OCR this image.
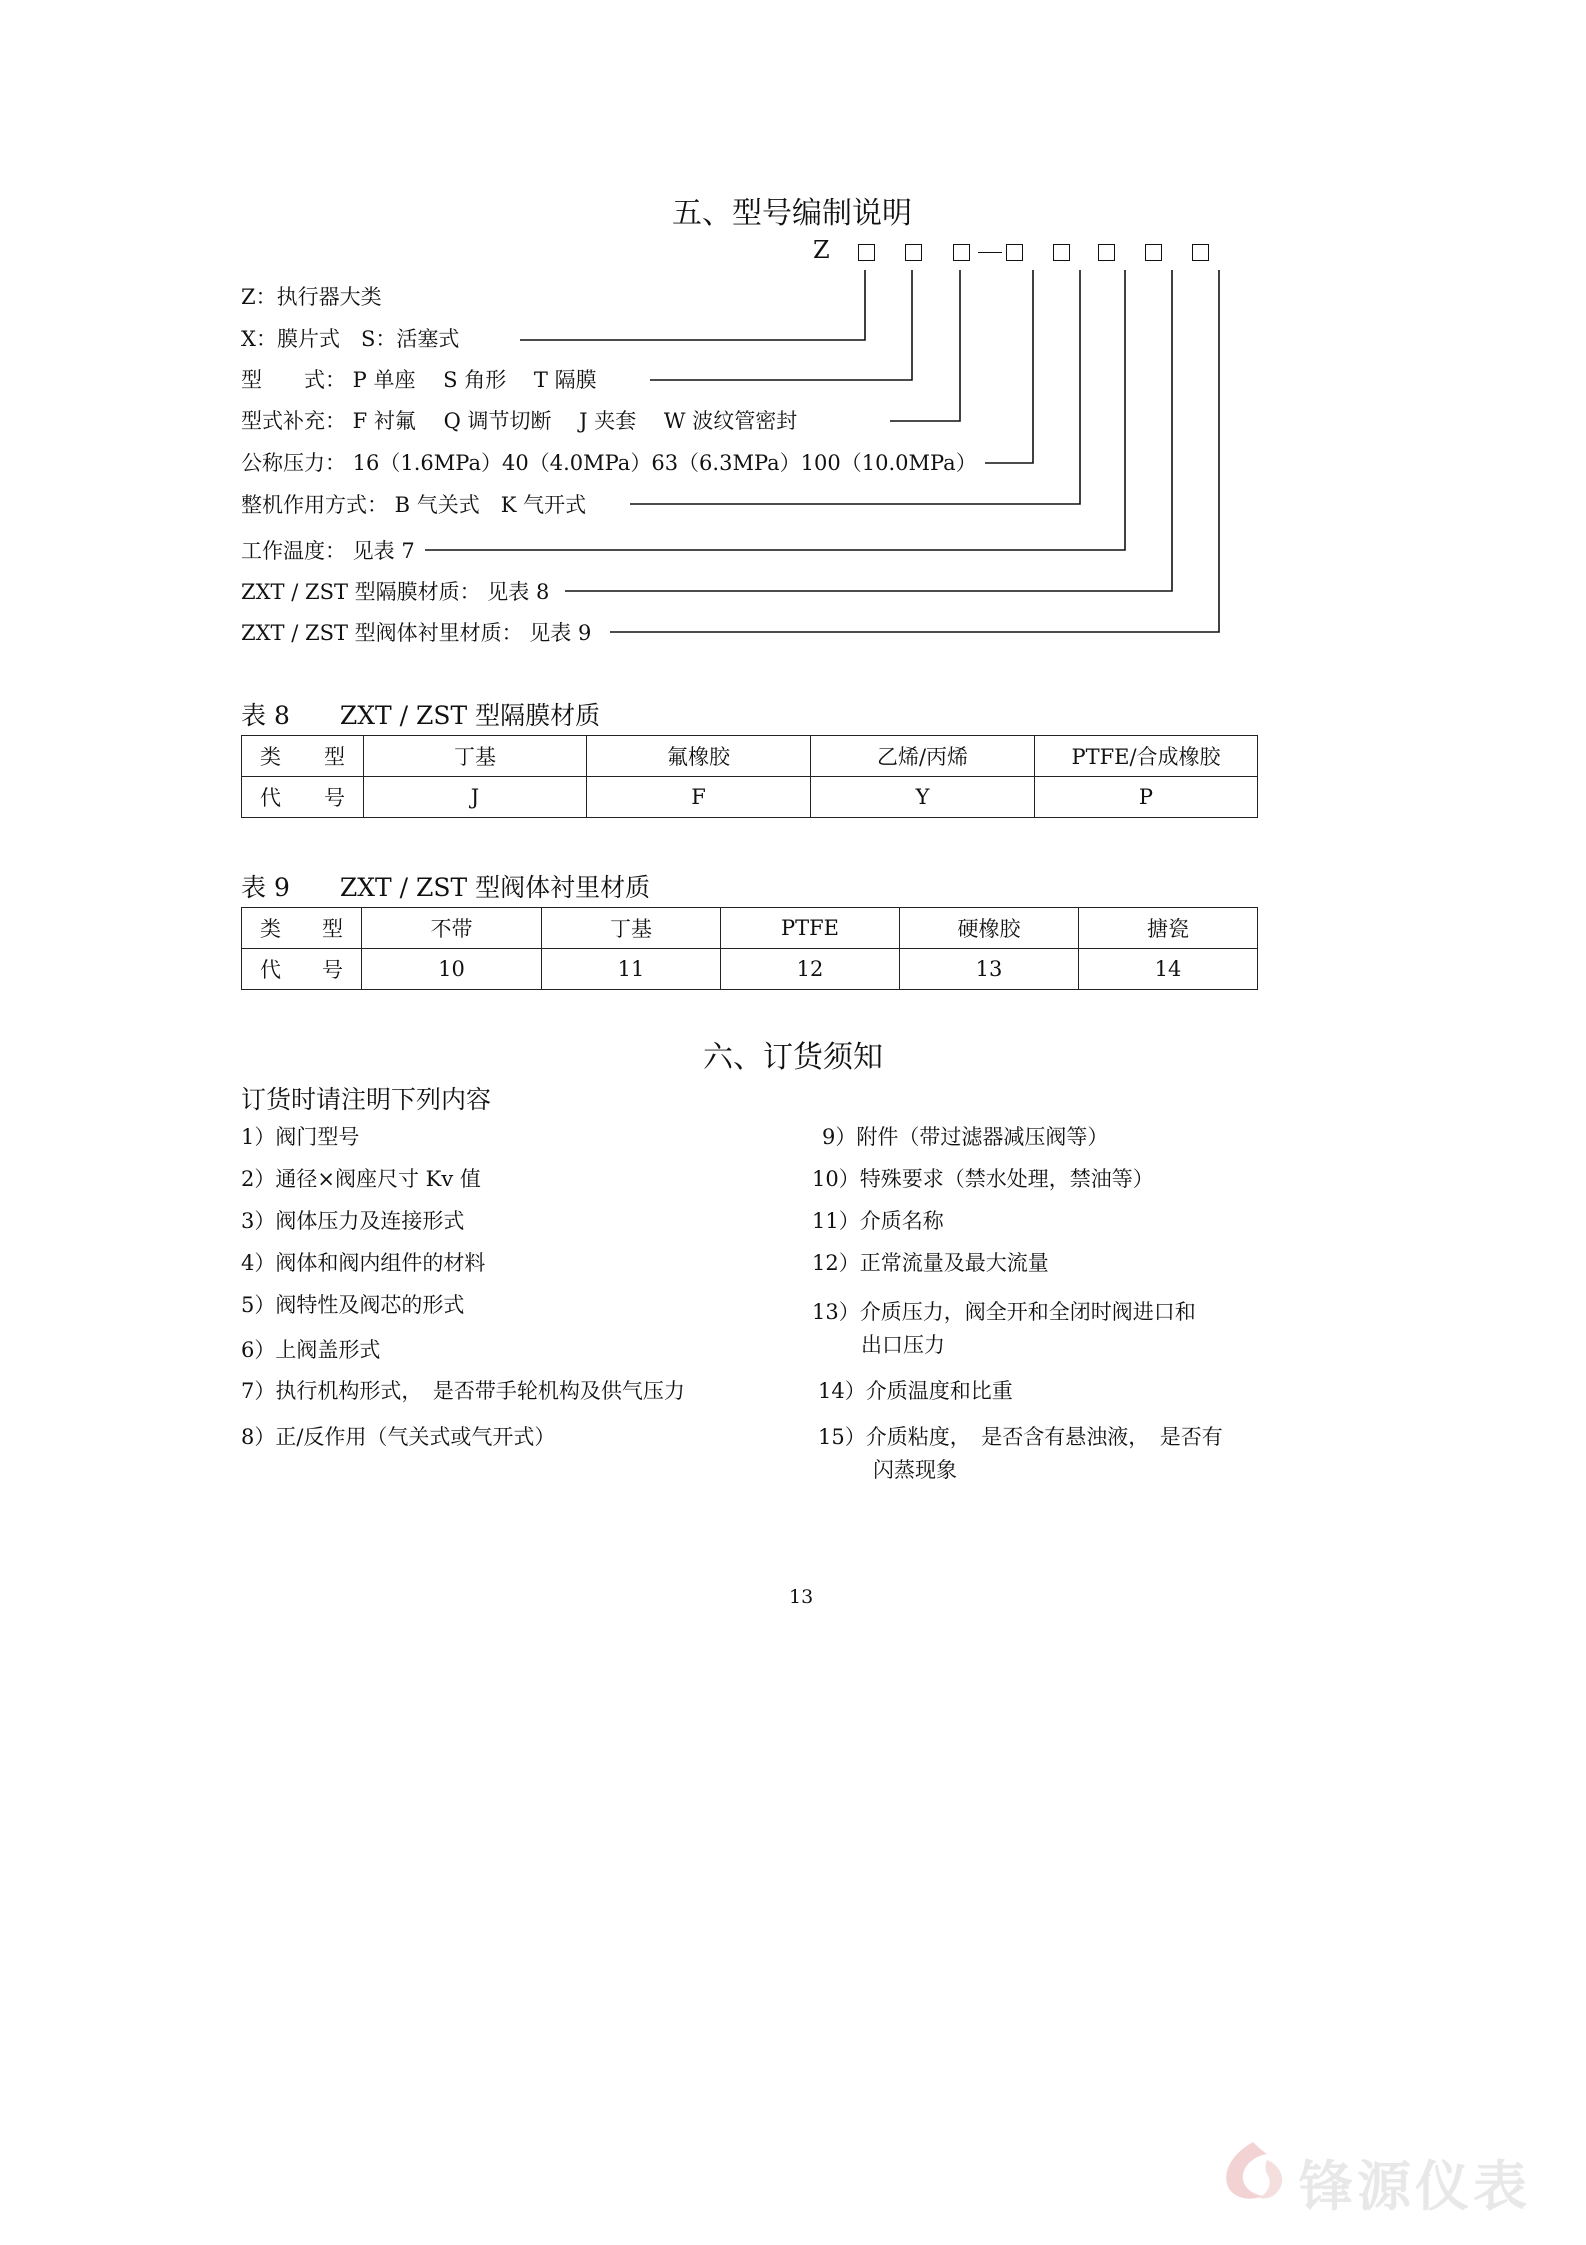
五、型号编制说明
Z
Z：执行器大类
X：膜片式　S：活塞式
型　　式： P 单座　 S 角形　 T 隔膜
型式补充： F 衬氟　 Q 调节切断　 J 夹套　 W 波纹管密封
公称压力： 16（1.6MPa）40（4.0MPa）63（6.3MPa）100（10.0MPa）
整机作用方式： B 气关式　K 气开式
工作温度： 见表 7
ZXT / ZST 型隔膜材质： 见表 8
ZXT / ZST 型阀体衬里材质： 见表 9
表 8　　ZXT / ZST 型隔膜材质
类　型	丁基	氟橡胶	乙烯/丙烯	PTFE/合成橡胶
代　号	J	F	Y	P
表 9　　ZXT / ZST 型阀体衬里材质
类　型	不带	丁基	PTFE	硬橡胶	搪瓷
代　号	10	11	12	13	14
六、订货须知
订货时请注明下列内容
1）阀门型号
2）通径×阀座尺寸 Kv 值
3）阀体压力及连接形式
4）阀体和阀内组件的材料
5）阀特性及阀芯的形式
6）上阀盖形式
7）执行机构形式，　是否带手轮机构及供气压力
8）正/反作用（气关式或气开式）
9）附件（带过滤器减压阀等）
10）特殊要求（禁水处理，禁油等）
11）介质名称
12）正常流量及最大流量
13）介质压力，阀全开和全闭时阀进口和
出口压力
14）介质温度和比重
15）介质粘度，　是否含有悬浊液，　是否有
闪蒸现象
13
锋源仪表
